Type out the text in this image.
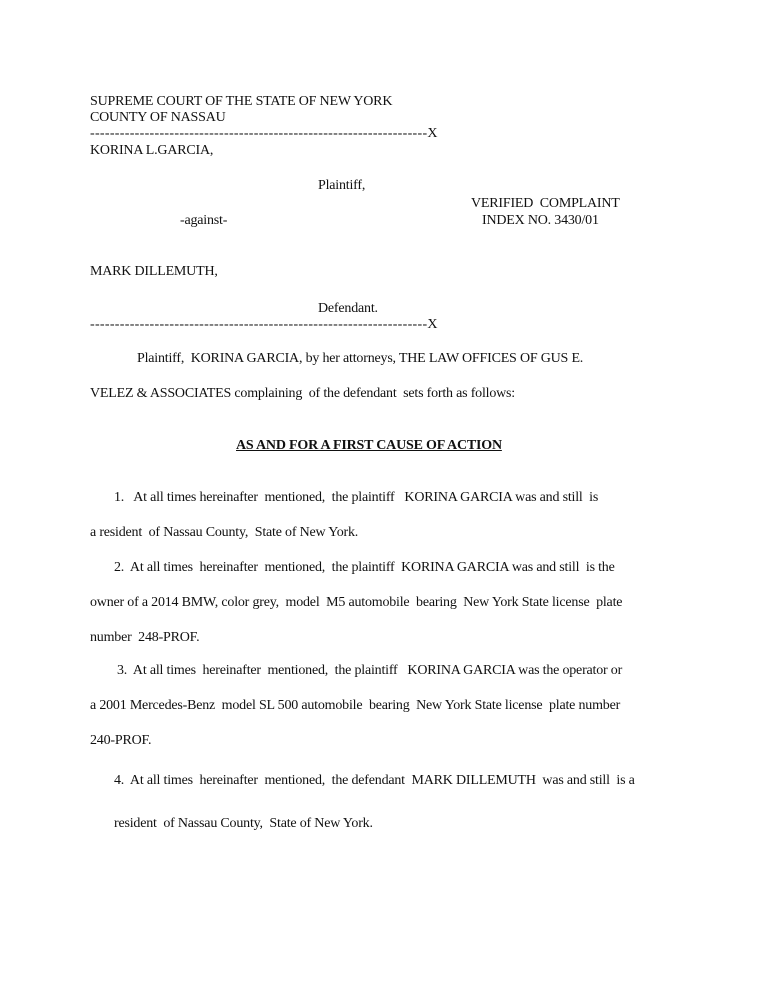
SUPREME COURT OF THE STATE OF NEW YORK
COUNTY OF NASSAU
--------------------------------------------------------------------X
KORINA L.GARCIA,
Plaintiff,
VERIFIED  COMPLAINT
-against-	INDEX NO. 3430/01
MARK DILLEMUTH,
Defendant.
--------------------------------------------------------------------X
Plaintiff,  KORINA GARCIA, by her attorneys, THE LAW OFFICES OF GUS E.
VELEZ & ASSOCIATES complaining  of the defendant  sets forth as follows:
AS AND FOR A FIRST CAUSE OF ACTION
1.   At all times hereinafter  mentioned,  the plaintiff   KORINA GARCIA was and still  is
a resident  of Nassau County,  State of New York.
2.  At all times  hereinafter  mentioned,  the plaintiff  KORINA GARCIA was and still  is the
owner of a 2014 BMW, color grey,  model  M5 automobile  bearing  New York State license  plate
number  248-PROF.
3.  At all times  hereinafter  mentioned,  the plaintiff   KORINA GARCIA was the operator or
a 2001 Mercedes-Benz  model SL 500 automobile  bearing  New York State license  plate number
240-PROF.
4.  At all times  hereinafter  mentioned,  the defendant  MARK DILLEMUTH  was and still  is a
resident  of Nassau County,  State of New York.
